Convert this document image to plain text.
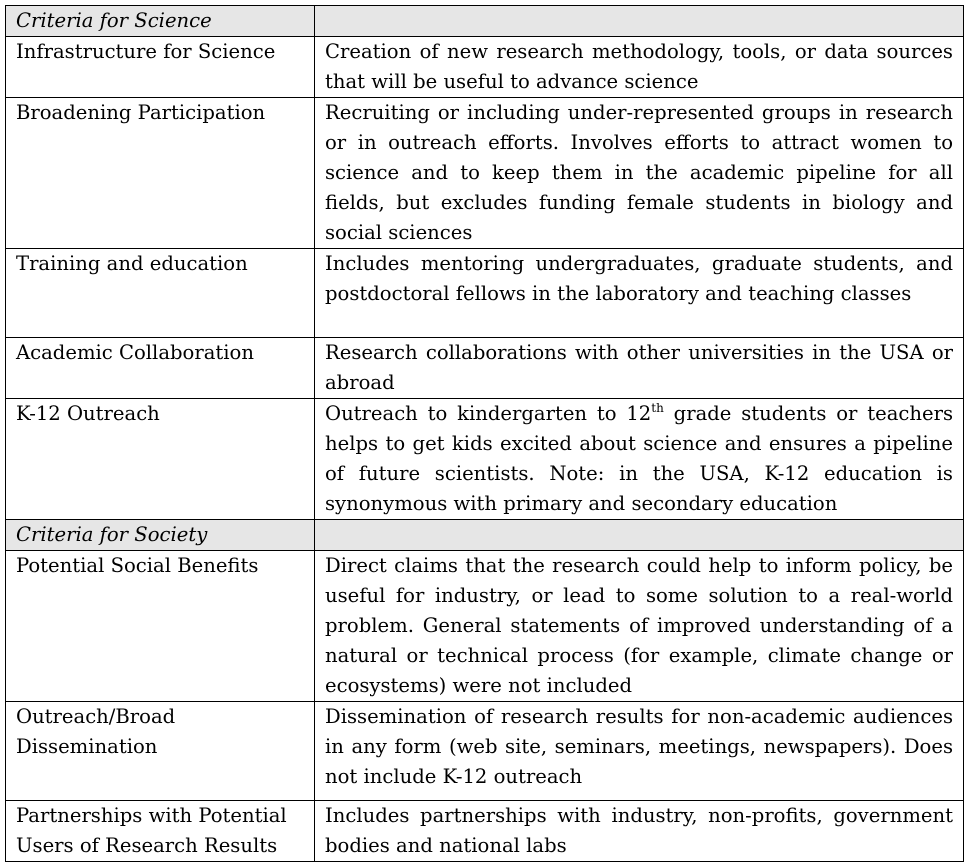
Criteria for Science	
Infrastructure for Science	Creation of new research methodology, tools, or data sources that will be useful to advance science
Broadening Participation	Recruiting or including under-represented groups in research or in outreach efforts. Involves efforts to attract women to science and to keep them in the academic pipeline for all fields, but excludes funding female students in biology and social sciences
Training and education	Includes mentoring undergraduates, graduate students, and postdoctoral fellows in the laboratory and teaching classes
Academic Collaboration	Research collaborations with other universities in the USA or abroad
K-12 Outreach	Outreach to kindergarten to 12th grade students or teachers helps to get kids excited about science and ensures a pipeline of future scientists. Note: in the USA, K-12 education is synonymous with primary and secondary education
Criteria for Society	
Potential Social Benefits	Direct claims that the research could help to inform policy, be useful for industry, or lead to some solution to a real-world problem. General statements of improved understanding of a natural or technical process (for example, climate change or ecosystems) were not included
Outreach/Broad Dissemination	Dissemination of research results for non-academic audiences in any form (web site, seminars, meetings, newspapers). Does not include K-12 outreach
Partnerships with Potential Users of Research Results	Includes partnerships with industry, non-profits, government bodies and national labs
